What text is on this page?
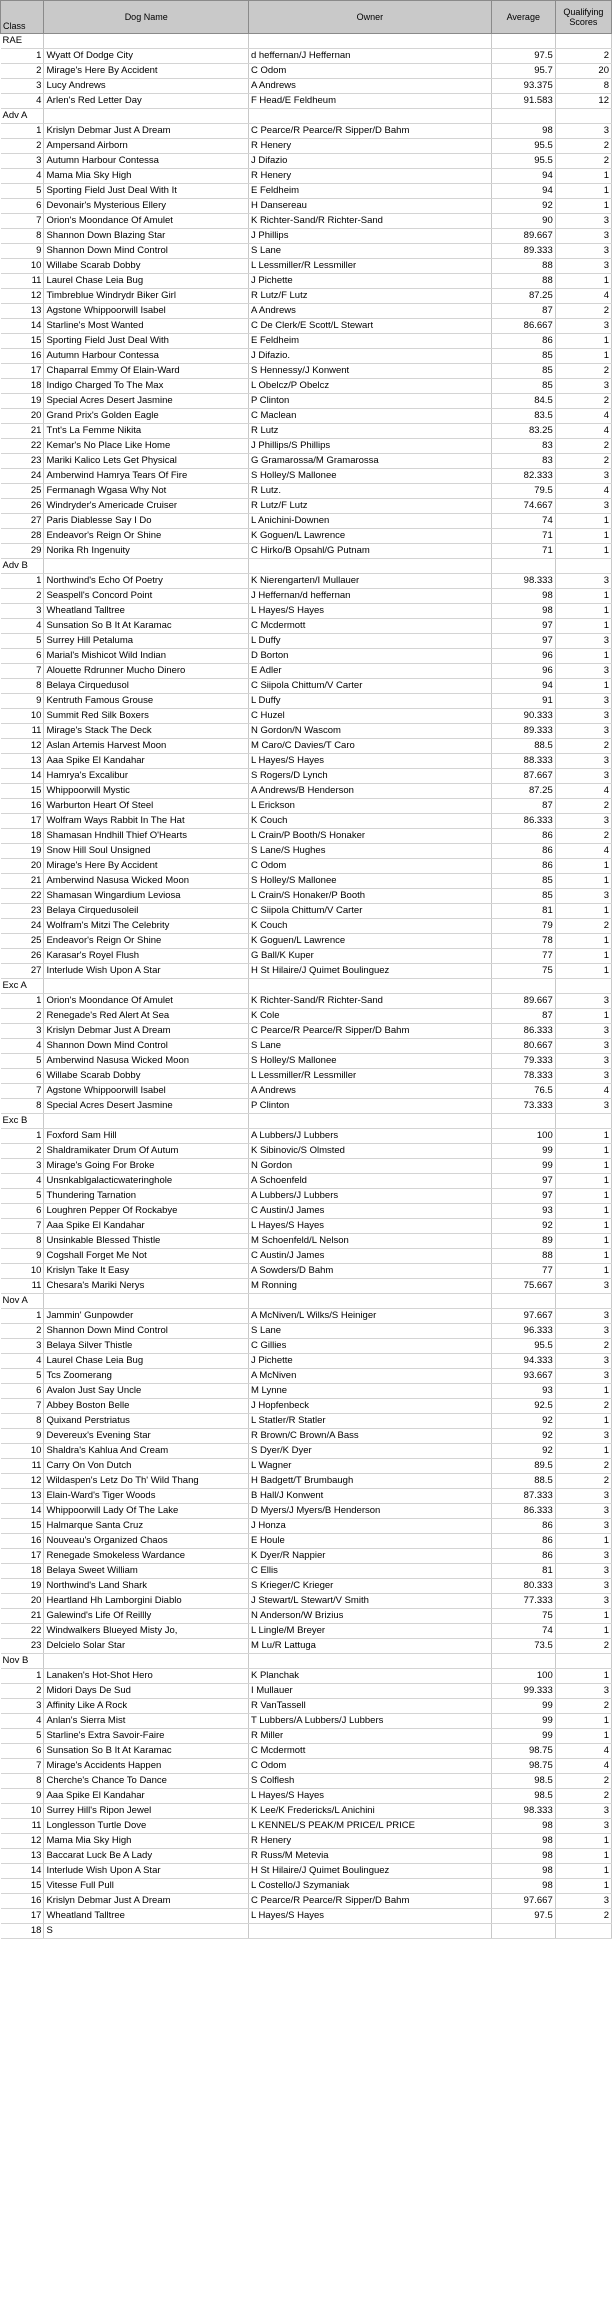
Class	Dog Name	Owner	Average	Qualifying Scores
RAE				
1	Wyatt Of Dodge City	d heffernan/J Heffernan	97.5	2
2	Mirage's Here By Accident	C Odom	95.7	20
3	Lucy Andrews	A Andrews	93.375	8
4	Arlen's Red Letter Day	F Head/E Feldheum	91.583	12
Adv A				
1	Krislyn Debmar Just A Dream	C Pearce/R Pearce/R Sipper/D Bahm	98	3
2	Ampersand Airborn	R Henery	95.5	2
3	Autumn Harbour Contessa	J Difazio	95.5	2
4	Mama Mia Sky High	R Henery	94	1
5	Sporting Field Just Deal With It	E Feldheim	94	1
6	Devonair's Mysterious Ellery	H Dansereau	92	1
7	Orion's Moondance Of Amulet	K Richter-Sand/R Richter-Sand	90	3
8	Shannon Down Blazing Star	J Phillips	89.667	3
9	Shannon Down Mind Control	S Lane	89.333	3
10	Willabe Scarab Dobby	L Lessmiller/R Lessmiller	88	3
11	Laurel Chase Leia Bug	J Pichette	88	1
12	Timbreblue Windrydr Biker Girl	R Lutz/F Lutz	87.25	4
13	Agstone Whippoorwill Isabel	A Andrews	87	2
14	Starline's Most Wanted	C De Clerk/E Scott/L Stewart	86.667	3
15	Sporting Field Just Deal With	E Feldheim	86	1
16	Autumn Harbour Contessa	J Difazio.	85	1
17	Chaparral Emmy Of Elain-Ward	S Hennessy/J Konwent	85	2
18	Indigo Charged To The Max	L Obelcz/P Obelcz	85	3
19	Special Acres Desert Jasmine	P Clinton	84.5	2
20	Grand Prix's Golden Eagle	C Maclean	83.5	4
21	Tnt's La Femme Nikita	R Lutz	83.25	4
22	Kemar's No Place Like Home	J Phillips/S Phillips	83	2
23	Mariki Kalico Lets Get Physical	G Gramarossa/M Gramarossa	83	2
24	Amberwind Hamrya Tears Of Fire	S Holley/S Mallonee	82.333	3
25	Fermanagh Wgasa Why Not	R Lutz.	79.5	4
26	Windryder's Americade Cruiser	R Lutz/F Lutz	74.667	3
27	Paris Diablesse Say I Do	L Anichini-Downen	74	1
28	Endeavor's Reign Or Shine	K Goguen/L Lawrence	71	1
29	Norika Rh Ingenuity	C Hirko/B Opsahl/G Putnam	71	1
Adv B				
1	Northwind's Echo Of Poetry	K Nierengarten/I Mullauer	98.333	3
2	Seaspell's Concord Point	J Heffernan/d heffernan	98	1
3	Wheatland Talltree	L Hayes/S Hayes	98	1
4	Sunsation So B It At Karamac	C Mcdermott	97	1
5	Surrey Hill Petaluma	L Duffy	97	3
6	Marial's Mishicot Wild Indian	D Borton	96	1
7	Alouette Rdrunner Mucho Dinero	E Adler	96	3
8	Belaya Cirquedusol	C Siipola Chittum/V Carter	94	1
9	Kentruth Famous Grouse	L Duffy	91	3
10	Summit Red Silk Boxers	C Huzel	90.333	3
11	Mirage's Stack The Deck	N Gordon/N Wascom	89.333	3
12	Aslan Artemis Harvest Moon	M Caro/C Davies/T Caro	88.5	2
13	Aaa Spike El Kandahar	L Hayes/S Hayes	88.333	3
14	Hamrya's Excalibur	S Rogers/D Lynch	87.667	3
15	Whippoorwill Mystic	A Andrews/B Henderson	87.25	4
16	Warburton Heart Of Steel	L Erickson	87	2
17	Wolfram Ways Rabbit In The Hat	K Couch	86.333	3
18	Shamasan Hndhill Thief O'Hearts	L Crain/P Booth/S Honaker	86	2
19	Snow Hill Soul Unsigned	S Lane/S Hughes	86	4
20	Mirage's Here By Accident	C Odom	86	1
21	Amberwind Nasusa Wicked Moon	S Holley/S Mallonee	85	1
22	Shamasan Wingardium Leviosa	L Crain/S Honaker/P Booth	85	3
23	Belaya Cirquedusoleil	C Siipola Chittum/V Carter	81	1
24	Wolfram's Mitzi The Celebrity	K Couch	79	2
25	Endeavor's Reign Or Shine	K Goguen/L Lawrence	78	1
26	Karasar's Royel Flush	G Ball/K Kuper	77	1
27	Interlude Wish Upon A Star	H St Hilaire/J Quimet Boulinguez	75	1
Exc A				
1	Orion's Moondance Of Amulet	K Richter-Sand/R Richter-Sand	89.667	3
2	Renegade's Red Alert At Sea	K Cole	87	1
3	Krislyn Debmar Just A Dream	C Pearce/R Pearce/R Sipper/D Bahm	86.333	3
4	Shannon Down Mind Control	S Lane	80.667	3
5	Amberwind Nasusa Wicked Moon	S Holley/S Mallonee	79.333	3
6	Willabe Scarab Dobby	L Lessmiller/R Lessmiller	78.333	3
7	Agstone Whippoorwill Isabel	A Andrews	76.5	4
8	Special Acres Desert Jasmine	P Clinton	73.333	3
Exc B				
1	Foxford Sam Hill	A Lubbers/J Lubbers	100	1
2	Shaldramikater Drum Of Autum	K Sibinovic/S Olmsted	99	1
3	Mirage's Going For Broke	N Gordon	99	1
4	Unsnkablgalacticwateringhole	A Schoenfeld	97	1
5	Thundering Tarnation	A Lubbers/J Lubbers	97	1
6	Loughren Pepper Of Rockabye	C Austin/J James	93	1
7	Aaa Spike El Kandahar	L Hayes/S Hayes	92	1
8	Unsinkable Blessed Thistle	M Schoenfeld/L Nelson	89	1
9	Cogshall Forget Me Not	C Austin/J James	88	1
10	Krislyn Take It Easy	A Sowders/D Bahm	77	1
11	Chesara's Mariki Nerys	M Ronning	75.667	3
Nov A				
1	Jammin' Gunpowder	A McNiven/L Wilks/S Heiniger	97.667	3
2	Shannon Down Mind Control	S Lane	96.333	3
3	Belaya Silver Thistle	C Gillies	95.5	2
4	Laurel Chase Leia Bug	J Pichette	94.333	3
5	Tcs Zoomerang	A McNiven	93.667	3
6	Avalon Just Say Uncle	M Lynne	93	1
7	Abbey Boston Belle	J Hopfenbeck	92.5	2
8	Quixand Perstriatus	L Statler/R Statler	92	1
9	Devereux's Evening Star	R Brown/C Brown/A Bass	92	3
10	Shaldra's Kahlua And Cream	S Dyer/K Dyer	92	1
11	Carry On Von Dutch	L Wagner	89.5	2
12	Wildaspen's Letz Do Th' Wild Thang	H Badgett/T Brumbaugh	88.5	2
13	Elain-Ward's Tiger Woods	B Hall/J Konwent	87.333	3
14	Whippoorwill Lady Of The Lake	D Myers/J Myers/B Henderson	86.333	3
15	Halmarque Santa Cruz	J Honza	86	3
16	Nouveau's Organized Chaos	E Houle	86	1
17	Renegade Smokeless Wardance	K Dyer/R Nappier	86	3
18	Belaya Sweet William	C Ellis	81	3
19	Northwind's Land Shark	S Krieger/C Krieger	80.333	3
20	Heartland Hh Lamborgini Diablo	J Stewart/L Stewart/V Smith	77.333	3
21	Galewind's Life Of Reillly	N Anderson/W Brizius	75	1
22	Windwalkers Blueyed Misty Jo,	L Lingle/M Breyer	74	1
23	Delcielo Solar Star	M Lu/R Lattuga	73.5	2
Nov B				
1	Lanaken's Hot-Shot Hero	K Planchak	100	1
2	Midori Days De Sud	I Mullauer	99.333	3
3	Affinity Like A Rock	R VanTassell	99	2
4	Anlan's Sierra Mist	T Lubbers/A Lubbers/J Lubbers	99	1
5	Starline's Extra Savoir-Faire	R Miller	99	1
6	Sunsation So B It At Karamac	C Mcdermott	98.75	4
7	Mirage's Accidents Happen	C Odom	98.75	4
8	Cherche's Chance To Dance	S Colflesh	98.5	2
9	Aaa Spike El Kandahar	L Hayes/S Hayes	98.5	2
10	Surrey Hill's Ripon Jewel	K Lee/K Fredericks/L Anichini	98.333	3
11	Longlesson Turtle Dove	L KENNEL/S PEAK/M PRICE/L PRICE	98	3
12	Mama Mia Sky High	R Henery	98	1
13	Baccarat Luck Be A Lady	R Russ/M Metevia	98	1
14	Interlude Wish Upon A Star	H St Hilaire/J Quimet Boulinguez	98	1
15	Vitesse Full Pull	L Costello/J Szymaniak	98	1
16	Krislyn Debmar Just A Dream	C Pearce/R Pearce/R Sipper/D Bahm	97.667	3
17	Wheatland Talltree	L Hayes/S Hayes	97.5	2
18	S			
